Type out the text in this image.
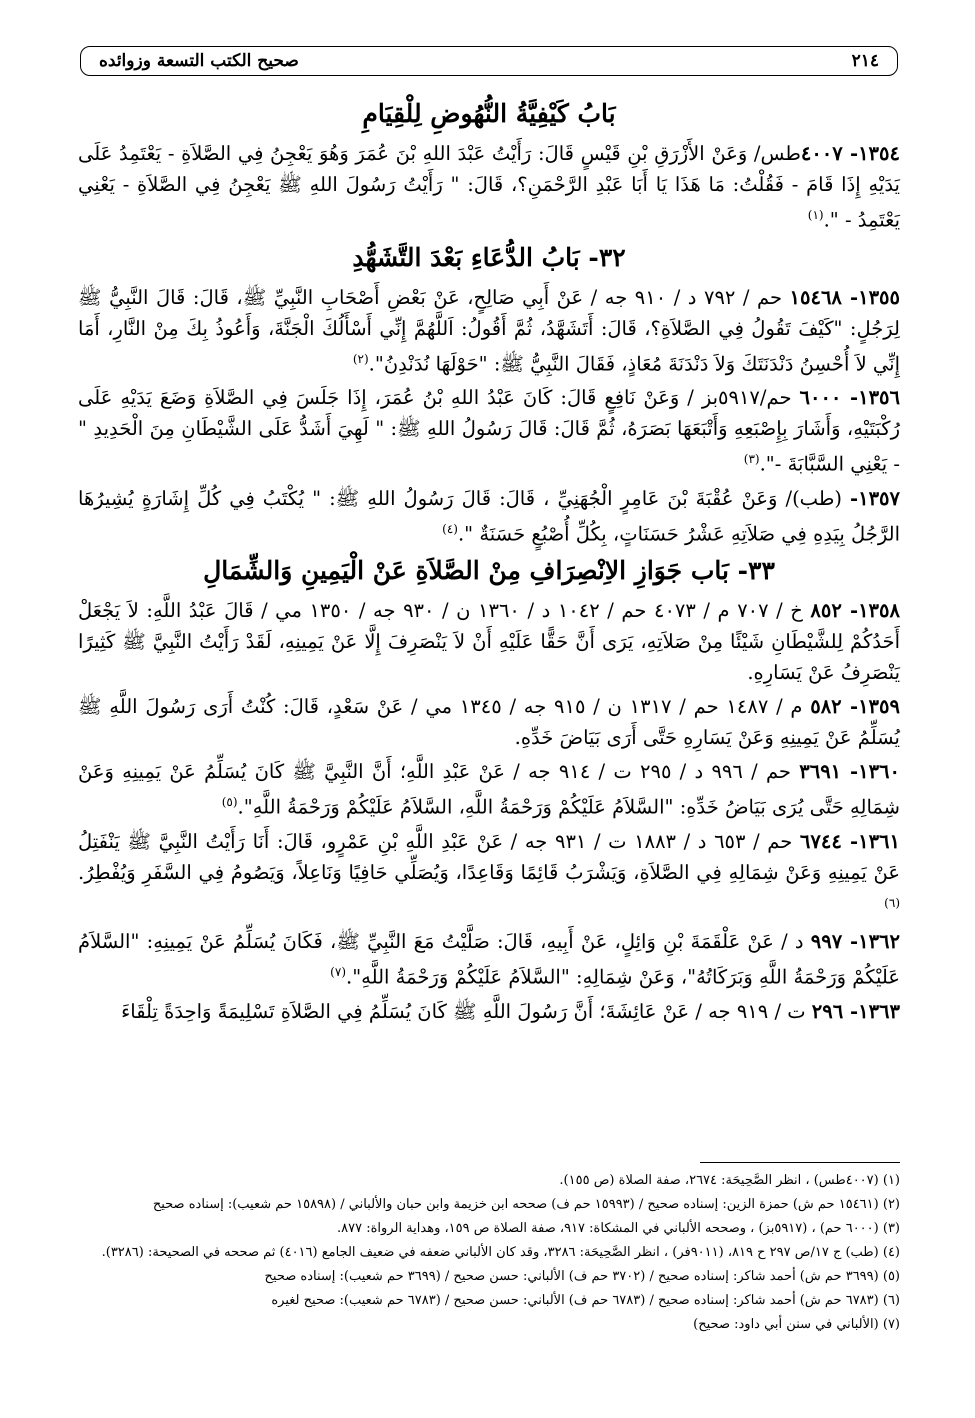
٢١٤
صحيح الكتب التسعة وزوائده
بَابُ كَيْفِيَّةُ النُّهُوضِ لِلْقِيَامِ

١٣٥٤- ٤٠٠٧طس/ وَعَنْ الأَزْرَقِ بْنِ قَيْسٍ قَالَ: رَأَيْتُ عَبْدَ اللهِ بْنَ عُمَرَ وَهُوَ يَعْجِنُ فِي الصَّلاَةِ - يَعْتَمِدُ عَلَى يَدَيْهِ إِذَا قَامَ - فَقُلْتُ: مَا هَذَا يَا أَبَا عَبْدِ الرَّحْمَنِ؟، قَالَ: " رَأَيْتُ رَسُولَ اللهِ ﷺ يَعْجِنُ فِي الصَّلاَةِ - يَعْنِي يَعْتَمِدُ - ".$^{(١)}$

٣٢- بَابُ الدُّعَاءِ بَعْدَ التَّشَهُّدِ

١٣٥٥- ١٥٤٦٨ حم / ٧٩٢ د / ٩١٠ جه / عَنْ أَبِي صَالِحٍ، عَنْ بَعْضِ أَصْحَابِ النَّبِيِّ ﷺ، قَالَ: قَالَ النَّبِيُّ ﷺ لِرَجُلٍ: "كَيْفَ تَقُولُ فِي الصَّلاَةِ؟، قَالَ: أَتَشَهَّدُ، ثُمَّ أَقُولُ: اَللَّهُمَّ إِنِّي أَسْأَلُكَ الْجَنَّةَ، وَأَعُوذُ بِكَ مِنْ النَّارِ، أَمَا إِنِّي لاَ أُحْسِنُ دَنْدَنَتَكَ وَلاَ دَنْدَنَةَ مُعَاذٍ، فَقَالَ النَّبِيُّ ﷺ: "حَوْلَهَا نُدَنْدِنُ".$^{(٢)}$

١٣٥٦- ٦٠٠٠ حم/٥٩١٧بز / وَعَنْ نَافِعٍ قَالَ: كَانَ عَبْدُ اللهِ بْنُ عُمَرَ، إِذَا جَلَسَ فِي الصَّلاَةِ وَضَعَ يَدَيْهِ عَلَى رُكْبَتَيْهِ، وَأَشَارَ بِإِصْبَعِهِ وَأَتْبَعَهَا بَصَرَهُ، ثُمَّ قَالَ: قَالَ رَسُولُ اللهِ ﷺ: " لَهِيَ أَشَدُّ عَلَى الشَّيْطَانِ مِنَ الْحَدِيدِ " - يَعْنِي السَّبَّابَةَ -".$^{(٣)}$

١٣٥٧- (طب)/ وَعَنْ عُقْبَةَ بْنَ عَامِرٍ الْجُهَنِيِّ ، قَالَ: قَالَ رَسُولُ اللهِ ﷺ: " يُكْتَبُ فِي كُلِّ إِشَارَةٍ يُشِيرُهَا الرَّجُلُ بِيَدِهِ فِي صَلاَتِهِ عَشْرُ حَسَنَاتٍ، بِكُلِّ أُصْبُعٍ حَسَنَةٌ ".$^{(٤)}$

٣٣- بَاب جَوَازِ الاِنْصِرَافِ مِنْ الصَّلاَةِ عَنْ الْيَمِينِ وَالشِّمَالِ

١٣٥٨- ٨٥٢ خ / ٧٠٧ م / ٤٠٧٣ حم / ١٠٤٢ د / ١٣٦٠ ن / ٩٣٠ جه / ١٣٥٠ مي / قَالَ عَبْدُ اللَّهِ: لاَ يَجْعَلْ أَحَدُكُمْ لِلشَّيْطَانِ شَيْئًا مِنْ صَلاَتِهِ، يَرَى أَنَّ حَقًّا عَلَيْهِ أَنْ لاَ يَنْصَرِفَ إِلَّا عَنْ يَمِينِهِ، لَقَدْ رَأَيْتُ النَّبِيَّ ﷺ كَثِيرًا يَنْصَرِفُ عَنْ يَسَارِهِ.

١٣٥٩- ٥٨٢ م / ١٤٨٧ حم / ١٣١٧ ن / ٩١٥ جه / ١٣٤٥ مي / عَنْ سَعْدٍ، قَالَ: كُنْتُ أَرَى رَسُولَ اللَّهِ ﷺ يُسَلِّمُ عَنْ يَمِينِهِ وَعَنْ يَسَارِهِ حَتَّى أَرَى بَيَاضَ خَدِّهِ.

١٣٦٠- ٣٦٩١ حم / ٩٩٦ د / ٢٩٥ ت / ٩١٤ جه / عَنْ عَبْدِ اللَّهِ؛ أَنَّ النَّبِيَّ ﷺ كَانَ يُسَلِّمُ عَنْ يَمِينِهِ وَعَنْ شِمَالِهِ حَتَّى يُرَى بَيَاضُ خَدِّهِ: "السَّلاَمُ عَلَيْكُمْ وَرَحْمَةُ اللَّهِ، السَّلاَمُ عَلَيْكُمْ وَرَحْمَةُ اللَّهِ".$^{(٥)}$

١٣٦١- ٦٧٤٤ حم / ٦٥٣ د / ١٨٨٣ ت / ٩٣١ جه / عَنْ عَبْدِ اللَّهِ بْنِ عَمْرٍو، قَالَ: أَنَا رَأَيْتُ النَّبِيَّ ﷺ يَنْفَتِلُ عَنْ يَمِينِهِ وَعَنْ شِمَالِهِ فِي الصَّلاَةِ، وَيَشْرَبُ قَائِمًا وَقَاعِدًا، وَيُصَلِّي حَافِيًا وَنَاعِلاً، وَيَصُومُ فِي السَّفَرِ وَيُفْطِرُ.$^{(٦)}$

١٣٦٢- ٩٩٧ د / عَنْ عَلْقَمَةَ بْنِ وَائِلٍ، عَنْ أَبِيهِ، قَالَ: صَلَّيْتُ مَعَ النَّبِيِّ ﷺ، فَكَانَ يُسَلِّمُ عَنْ يَمِينِهِ: "السَّلاَمُ عَلَيْكُمْ وَرَحْمَةُ اللَّهِ وَبَرَكَاتُهُ"، وَعَنْ شِمَالِهِ: "السَّلاَمُ عَلَيْكُمْ وَرَحْمَةُ اللَّهِ".$^{(٧)}$

١٣٦٣- ٢٩٦ ت / ٩١٩ جه / عَنْ عَائِشَةَ؛ أَنَّ رَسُولَ اللَّهِ ﷺ كَانَ يُسَلِّمُ فِي الصَّلاَةِ تَسْلِيمَةً وَاحِدَةً تِلْقَاءَ

(١) (٤٠٠٧طس) ، انظر الصَّحِيحَة: ٢٦٧٤، صفة الصلاة (ص ١٥٥).
(٢) (١٥٤٦١ حم ش) حمزة الزين: إسناده صحيح / (١٥٩٩٣ حم ف) صححه ابن خزيمة وابن حبان والألباني / (١٥٨٩٨ حم شعيب): إسناده صحيح
(٣) (٦٠٠٠ حم) ، (٥٩١٧بز) ، وصححه الألباني في المشكاة: ٩١٧، صفة الصلاة ص ١٥٩، وهداية الرواة: ٨٧٧.
(٤) (طب) ج ١٧/ص ٢٩٧ ح ٨١٩، (٩٠١١فر) ، انظر الصَّحِيحَة: ٣٢٨٦، وقد كان الألباني ضعفه في ضعيف الجامع (٤٠١٦) ثم صححه في الصحيحة: (٣٢٨٦).
(٥) (٣٦٩٩ حم ش) أحمد شاكر: إسناده صحيح / (٣٧٠٢ حم ف) الألباني: حسن صحيح / (٣٦٩٩ حم شعيب): إسناده صحيح
(٦) (٦٧٨٣ حم ش) أحمد شاكر: إسناده صحيح / (٦٧٨٣ حم ف) الألباني: حسن صحيح / (٦٧٨٣ حم شعيب): صحيح لغيره
(٧) (الألباني في سنن أبي داود: صحيح)
